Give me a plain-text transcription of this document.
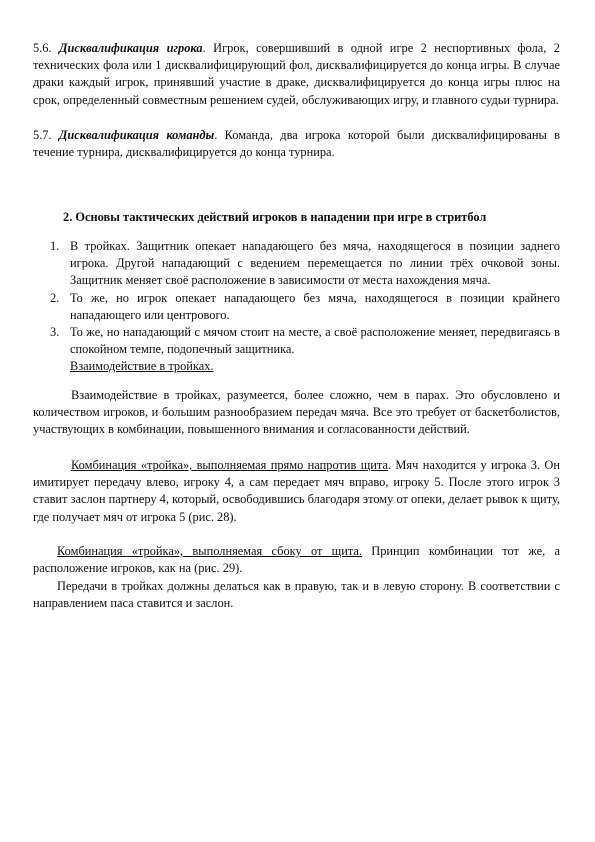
5.6. Дисквалификация игрока. Игрок, совершивший в одной игре 2 неспортивных фола, 2 технических фола или 1 дисквалифицирующий фол, дисквалифицируется до конца игры. В случае драки каждый игрок, принявший участие в драке, дисквалифицируется до конца игры плюс на срок, определенный совместным решением судей, обслуживающих игру, и главного судьи турнира.

5.7. Дисквалификация команды. Команда, два игрока которой были дисквалифицированы в течение турнира, дисквалифицируется до конца турнира.

2. Основы тактических действий игроков в нападении при игре в стритбол
1. В тройках. Защитник опекает нападающего без мяча, находящегося в позиции заднего игрока. Другой нападающий с ведением перемещается по линии трёх очковой зоны. Защитник меняет своё расположение в зависимости от места нахождения мяча.
2. То же, но игрок опекает нападающего без мяча, находящегося в позиции крайнего нападающего или центрового.
3. То же, но нападающий с мячом стоит на месте, а своё расположение меняет, передвигаясь в спокойном темпе, подопечный защитника.
Взаимодействие в тройках.

Взаимодействие в тройках, разумеется, более сложно, чем в парах. Это обусловлено и количеством игроков, и большим разнообразием передач мяча. Все это требует от баскетболистов, участвующих в комбинации, повышенного внимания и согласованности действий.

Комбинация «тройка», выполняемая прямо напротив щита. Мяч находится у игрока 3. Он имитирует передачу влево, игроку 4, а сам передает мяч вправо, игроку 5. После этого игрок 3 ставит заслон партнеру 4, который, освободившись благодаря этому от опеки, делает рывок к щиту, где получает мяч от игрока 5 (рис. 28).

Комбинация «тройка», выполняемая сбоку от щита. Принцип комбинации тот же, а расположение игроков, как на (рис. 29).

Передачи в тройках должны делаться как в правую, так и в левую сторону. В соответствии с направлением паса ставится и заслон.
